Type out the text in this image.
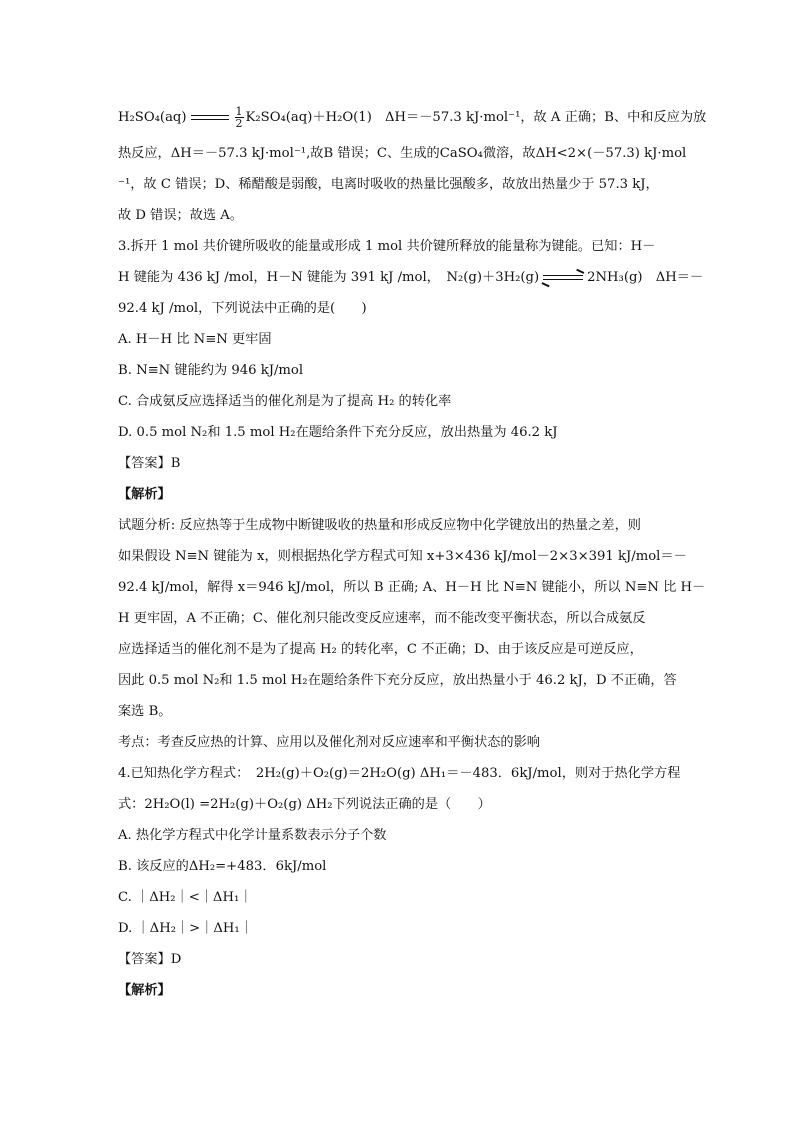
H₂SO₄(aq)	$\frac{1}{2} K_2SO_4(aq)+H_2O(1)$　ΔH＝－57.3 kJ·mol⁻¹，故 A 正确；B、中和反应为放
热反应，ΔH＝－57.3 kJ·mol⁻¹,故B 错误；C、生成的CaSO₄微溶，故ΔH<2×(－57.3) kJ·mol
⁻¹，故 C 错误；D、稀醋酸是弱酸，电离时吸收的热量比强酸多，故放出热量少于 57.3 kJ，
故 D 错误；故选 A。
3.拆开 1 mol 共价键所吸收的能量或形成 1 mol 共价键所释放的能量称为键能。已知：H－
H 键能为 436 kJ /mol，H－N 键能为 391 kJ /mol，　N₂(g)＋3H₂(g)	2NH₃(g)　ΔH＝－
92.4 kJ /mol，下列说法中正确的是(　　)
A. H－H 比 N≡N 更牢固
B. N≡N 键能约为 946 kJ/mol
C. 合成氨反应选择适当的催化剂是为了提高 H₂ 的转化率
D. 0.5 mol N₂和 1.5 mol H₂在题给条件下充分反应，放出热量为 46.2 kJ
【答案】B
【解析】
试题分析: 反应热等于生成物中断键吸收的热量和形成反应物中化学键放出的热量之差，则
如果假设 N≡N 键能为 x，则根据热化学方程式可知 x+3×436 kJ/mol－2×3×391 kJ/mol＝－
92.4 kJ/mol，解得 x＝946 kJ/mol，所以 B 正确; A、H－H 比 N≡N 键能小，所以 N≡N 比 H－
H 更牢固，A 不正确；C、催化剂只能改变反应速率，而不能改变平衡状态，所以合成氨反
应选择适当的催化剂不是为了提高 H₂ 的转化率，C 不正确；D、由于该反应是可逆反应，
因此 0.5 mol N₂和 1.5 mol H₂在题给条件下充分反应，放出热量小于 46.2 kJ，D 不正确，答
案选 B。
考点：考查反应热的计算、应用以及催化剂对反应速率和平衡状态的影响
4.已知热化学方程式：　2H₂(g)＋O₂(g)＝2H₂O(g) ΔH₁＝－483．6kJ/mol，则对于热化学方程
式：2H₂O(l) =2H₂(g)＋O₂(g) ΔH₂下列说法正确的是（　　）
A. 热化学方程式中化学计量系数表示分子个数
B. 该反应的ΔH₂=+483．6kJ/mol
C. ｜ΔH₂｜<｜ΔH₁｜
D. ｜ΔH₂｜>｜ΔH₁｜
【答案】D
【解析】
